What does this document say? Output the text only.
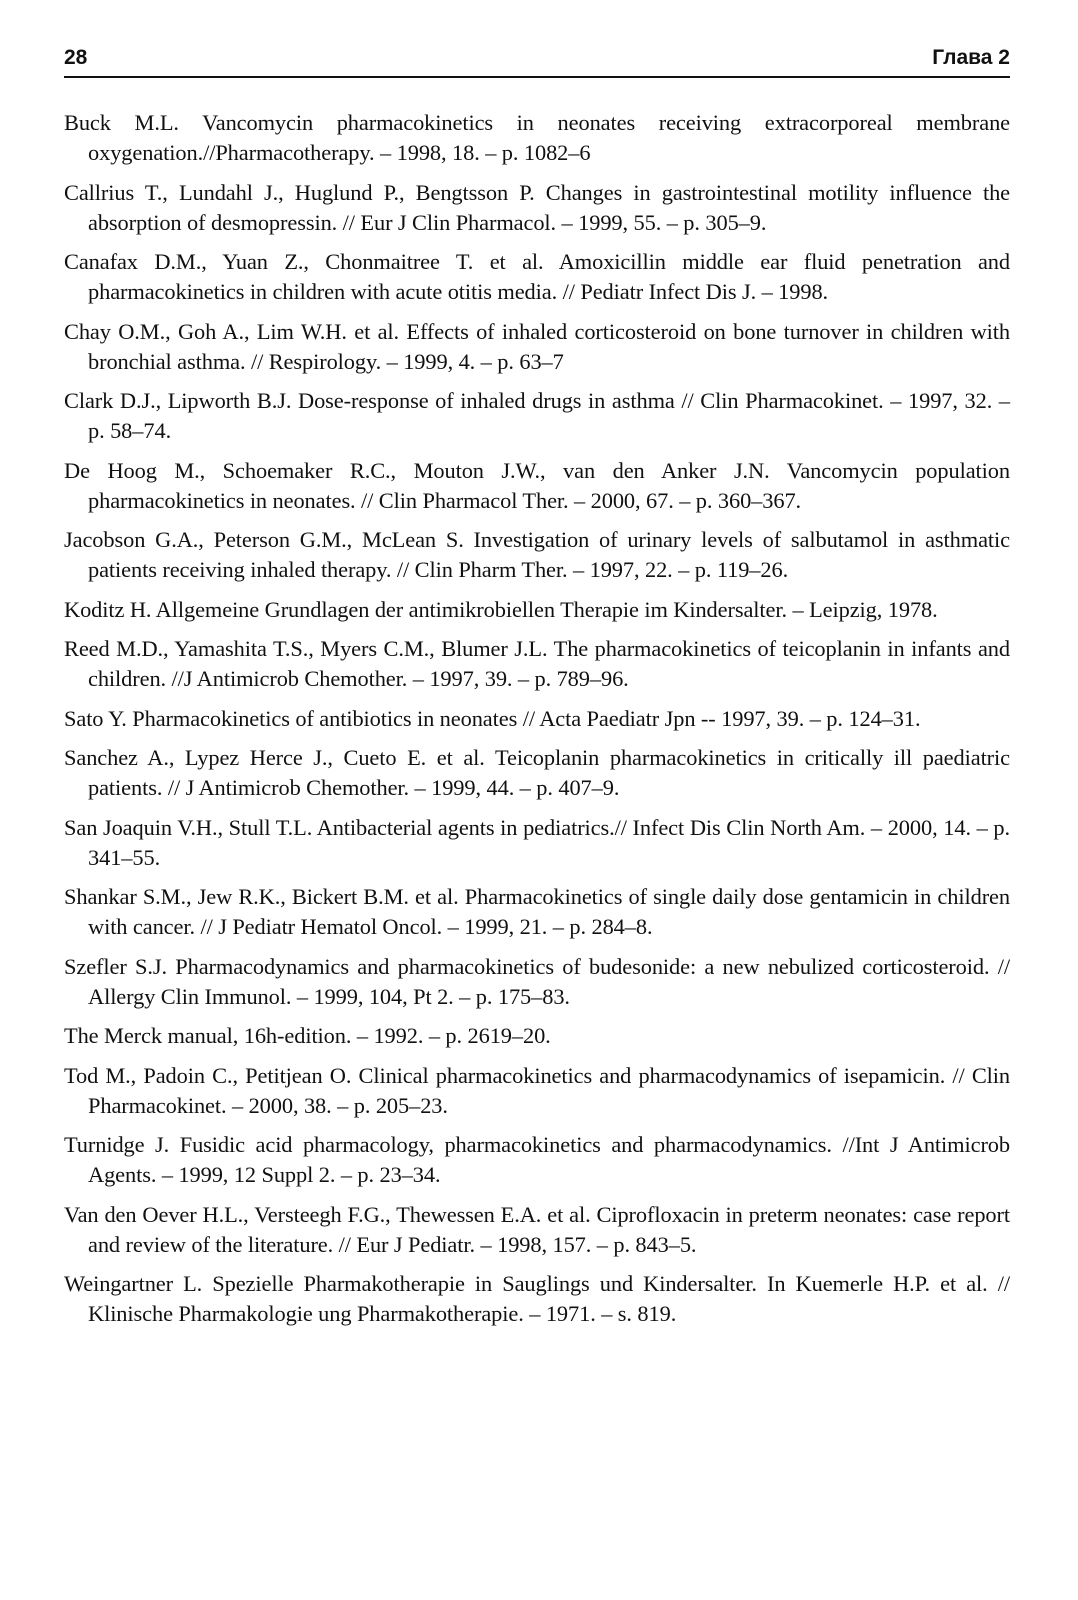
28	Глава 2
Buck M.L. Vancomycin pharmacokinetics in neonates receiving extracorporeal membrane oxygenation.//Pharmacotherapy. – 1998, 18. – p. 1082–6
Callrius T., Lundahl J., Huglund P., Bengtsson P. Changes in gastrointestinal motility influence the absorption of desmopressin. // Eur J Clin Pharmacol. – 1999, 55. – p. 305–9.
Canafax D.M., Yuan Z., Chonmaitree T. et al. Amoxicillin middle ear fluid penetration and pharmacokinetics in children with acute otitis media. // Pediatr Infect Dis J. – 1998.
Chay O.M., Goh A., Lim W.H. et al. Effects of inhaled corticosteroid on bone turnover in children with bronchial asthma. // Respirology. – 1999, 4. – p. 63–7
Clark D.J., Lipworth B.J. Dose-response of inhaled drugs in asthma // Clin Pharmacokinet. – 1997, 32. – p. 58–74.
De Hoog M., Schoemaker R.C., Mouton J.W., van den Anker J.N. Vancomycin population pharmacokinetics in neonates. // Clin Pharmacol Ther. – 2000, 67. – p. 360–367.
Jacobson G.A., Peterson G.M., McLean S. Investigation of urinary levels of salbutamol in asthmatic patients receiving inhaled therapy. // Clin Pharm Ther. – 1997, 22. – p. 119–26.
Koditz H. Allgemeine Grundlagen der antimikrobiellen Therapie im Kindersalter. – Leipzig, 1978.
Reed M.D., Yamashita T.S., Myers C.M., Blumer J.L. The pharmacokinetics of teicoplanin in infants and children. //J Antimicrob Chemother. – 1997, 39. – p. 789–96.
Sato Y. Pharmacokinetics of antibiotics in neonates // Acta Paediatr Jpn -- 1997, 39. – p. 124–31.
Sanchez A., Lypez Herce J., Cueto E. et al. Teicoplanin pharmacokinetics in critically ill paediatric patients. // J Antimicrob Chemother. – 1999, 44. – p. 407–9.
San Joaquin V.H., Stull T.L. Antibacterial agents in pediatrics.// Infect Dis Clin North Am. – 2000, 14. – p. 341–55.
Shankar S.M., Jew R.K., Bickert B.M. et al. Pharmacokinetics of single daily dose gentamicin in children with cancer. // J Pediatr Hematol Oncol. – 1999, 21. – p. 284–8.
Szefler S.J. Pharmacodynamics and pharmacokinetics of budesonide: a new nebulized corticosteroid. // Allergy Clin Immunol. – 1999, 104, Pt 2. – p. 175–83.
The Merck manual, 16h-edition. – 1992. – p. 2619–20.
Tod M., Padoin C., Petitjean O. Clinical pharmacokinetics and pharmacodynamics of isepamicin. // Clin Pharmacokinet. – 2000, 38. – p. 205–23.
Turnidge J. Fusidic acid pharmacology, pharmacokinetics and pharmacodynamics. //Int J Antimicrob Agents. – 1999, 12 Suppl 2. – p. 23–34.
Van den Oever H.L., Versteegh F.G., Thewessen E.A. et al. Ciprofloxacin in preterm neonates: case report and review of the literature. // Eur J Pediatr. – 1998, 157. – p. 843–5.
Weingartner L. Spezielle Pharmakotherapie in Sauglings und Kindersalter. In Kuemerle H.P. et al. // Klinische Pharmakologie ung Pharmakotherapie. – 1971. – s. 819.
